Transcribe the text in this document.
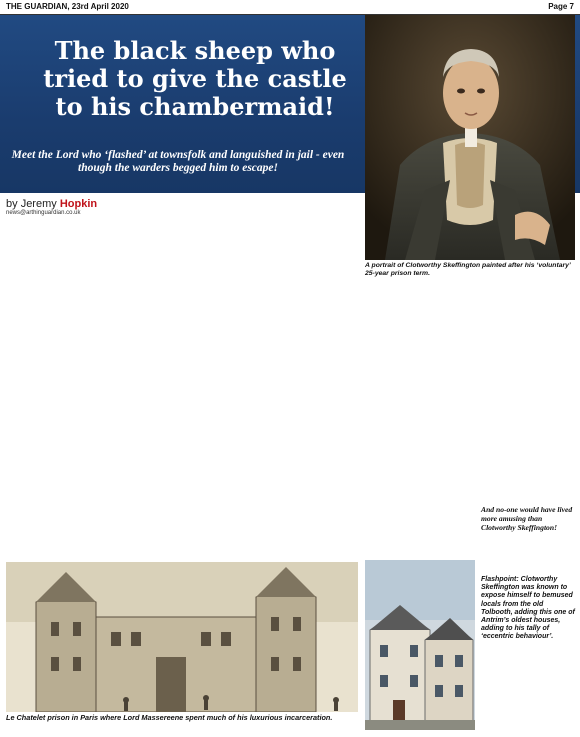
THE GUARDIAN, 23rd April 2020	Page 7
The black sheep who tried to give the castle to his chambermaid!
Meet the Lord who ‘flashed’ at townsfolk and languished in jail - even though the warders begged him to escape!
by Jeremy Hopkin
news@arthinguardian.co.uk
A portrait of Clotworthy Skeffington painted after his ‘voluntary’ 25-year prison term.
And no-one would have lived more amusing than Clotworthy Skeffington!
Le Chatelet prison in Paris where Lord Massereene spent much of his luxurious incarceration.
Flashpoint: Clotworthy Skeffington was known to expose himself to bemused locals from the old Tolbooth, adding this one of Antrim’s oldest houses, adding to his tally of ‘eccentric behaviour’.
